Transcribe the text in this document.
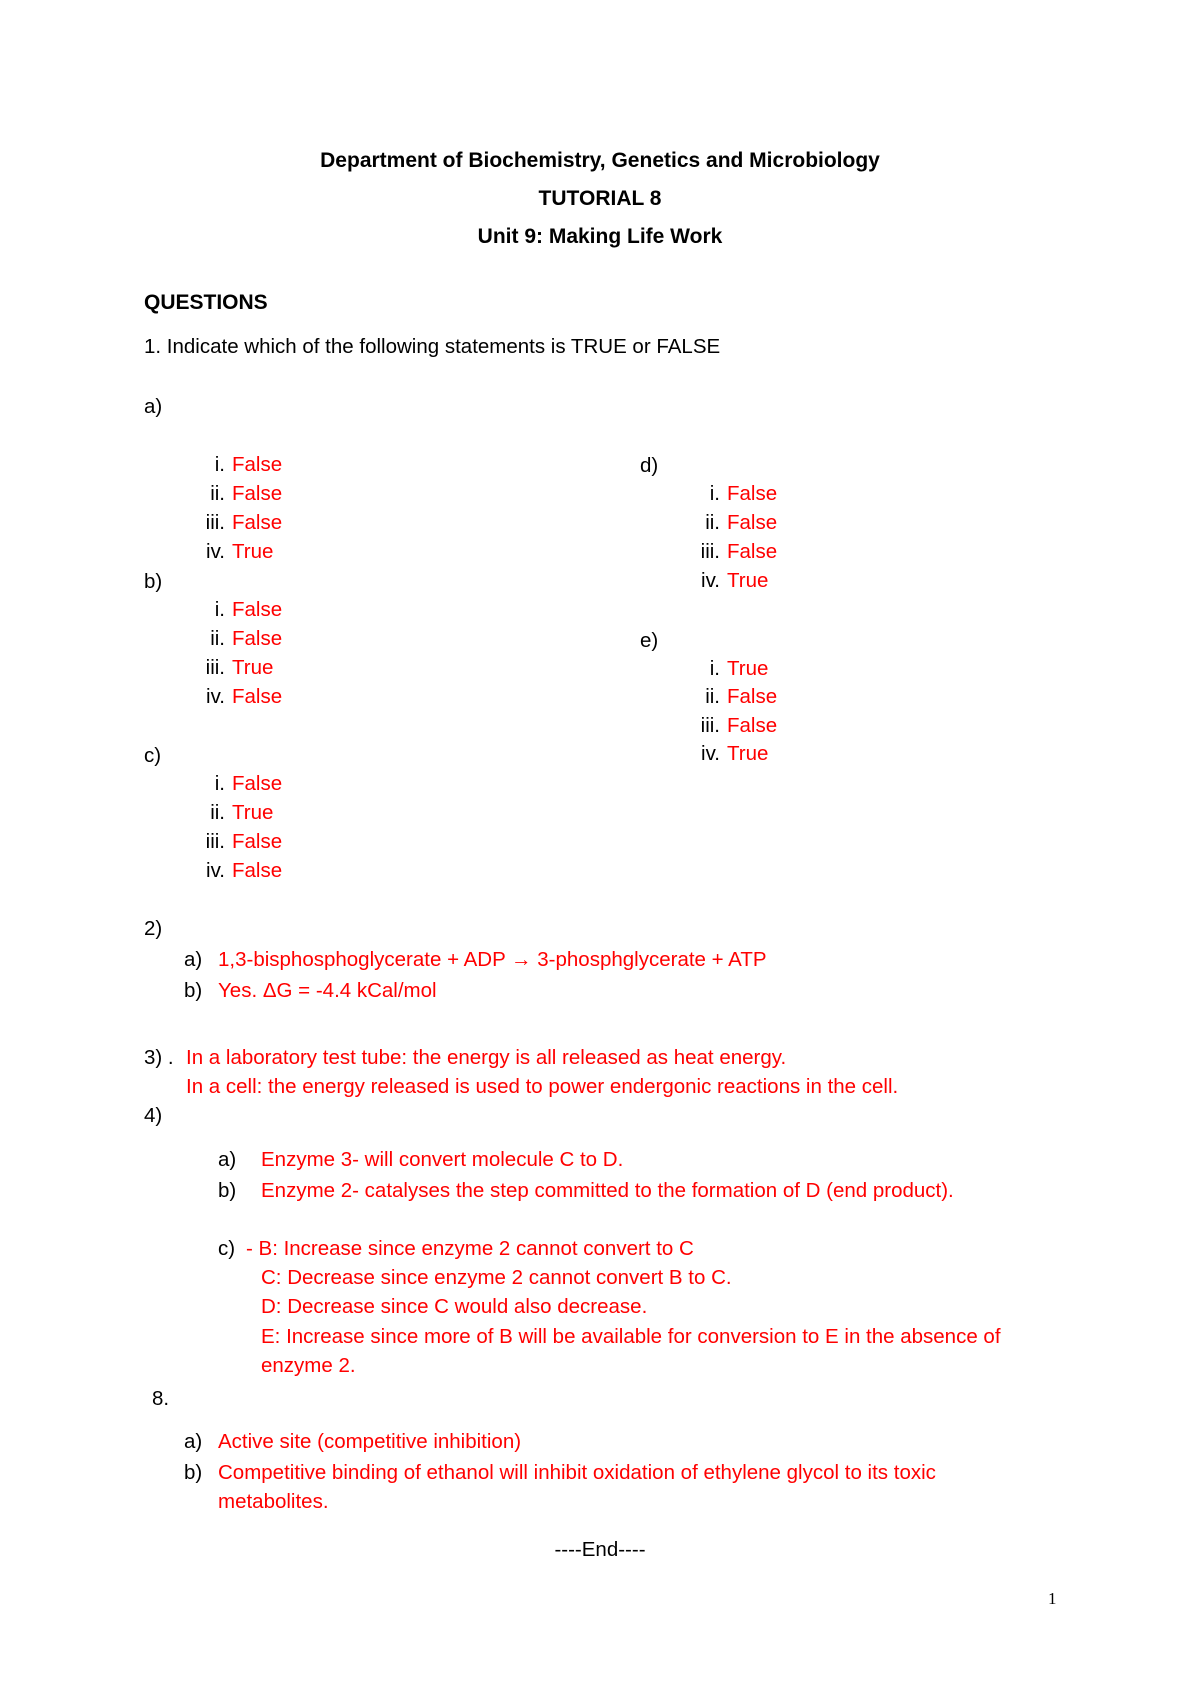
Department of Biochemistry, Genetics and Microbiology
TUTORIAL 8
Unit 9: Making Life Work
QUESTIONS
1. Indicate which of the following statements is TRUE or FALSE
a)
i. False
ii. False
iii. False
iv. True
b)
i. False
ii. False
iii. True
iv. False
c)
i. False
ii. True
iii. False
iv. False
d)
i. False
ii. False
iii. False
iv. True
e)
i. True
ii. False
iii. False
iv. True
2)
a) 1,3-bisphosphoglycerate + ADP → 3-phosphglycerate + ATP
b) Yes. ΔG = -4.4 kCal/mol
3) . In a laboratory test tube: the energy is all released as heat energy.
In a cell: the energy released is used to power endergonic reactions in the cell.
4)
a) Enzyme 3- will convert molecule C to D.
b) Enzyme 2- catalyses the step committed to the formation of D (end product).
c) - B: Increase since enzyme 2 cannot convert to C
C: Decrease since enzyme 2 cannot convert B to C.
D: Decrease since C would also decrease.
E: Increase since more of B will be available for conversion to E in the absence of
enzyme 2.
8.
a) Active site (competitive inhibition)
b) Competitive binding of ethanol will inhibit oxidation of ethylene glycol to its toxic
metabolites.
----End----
1
